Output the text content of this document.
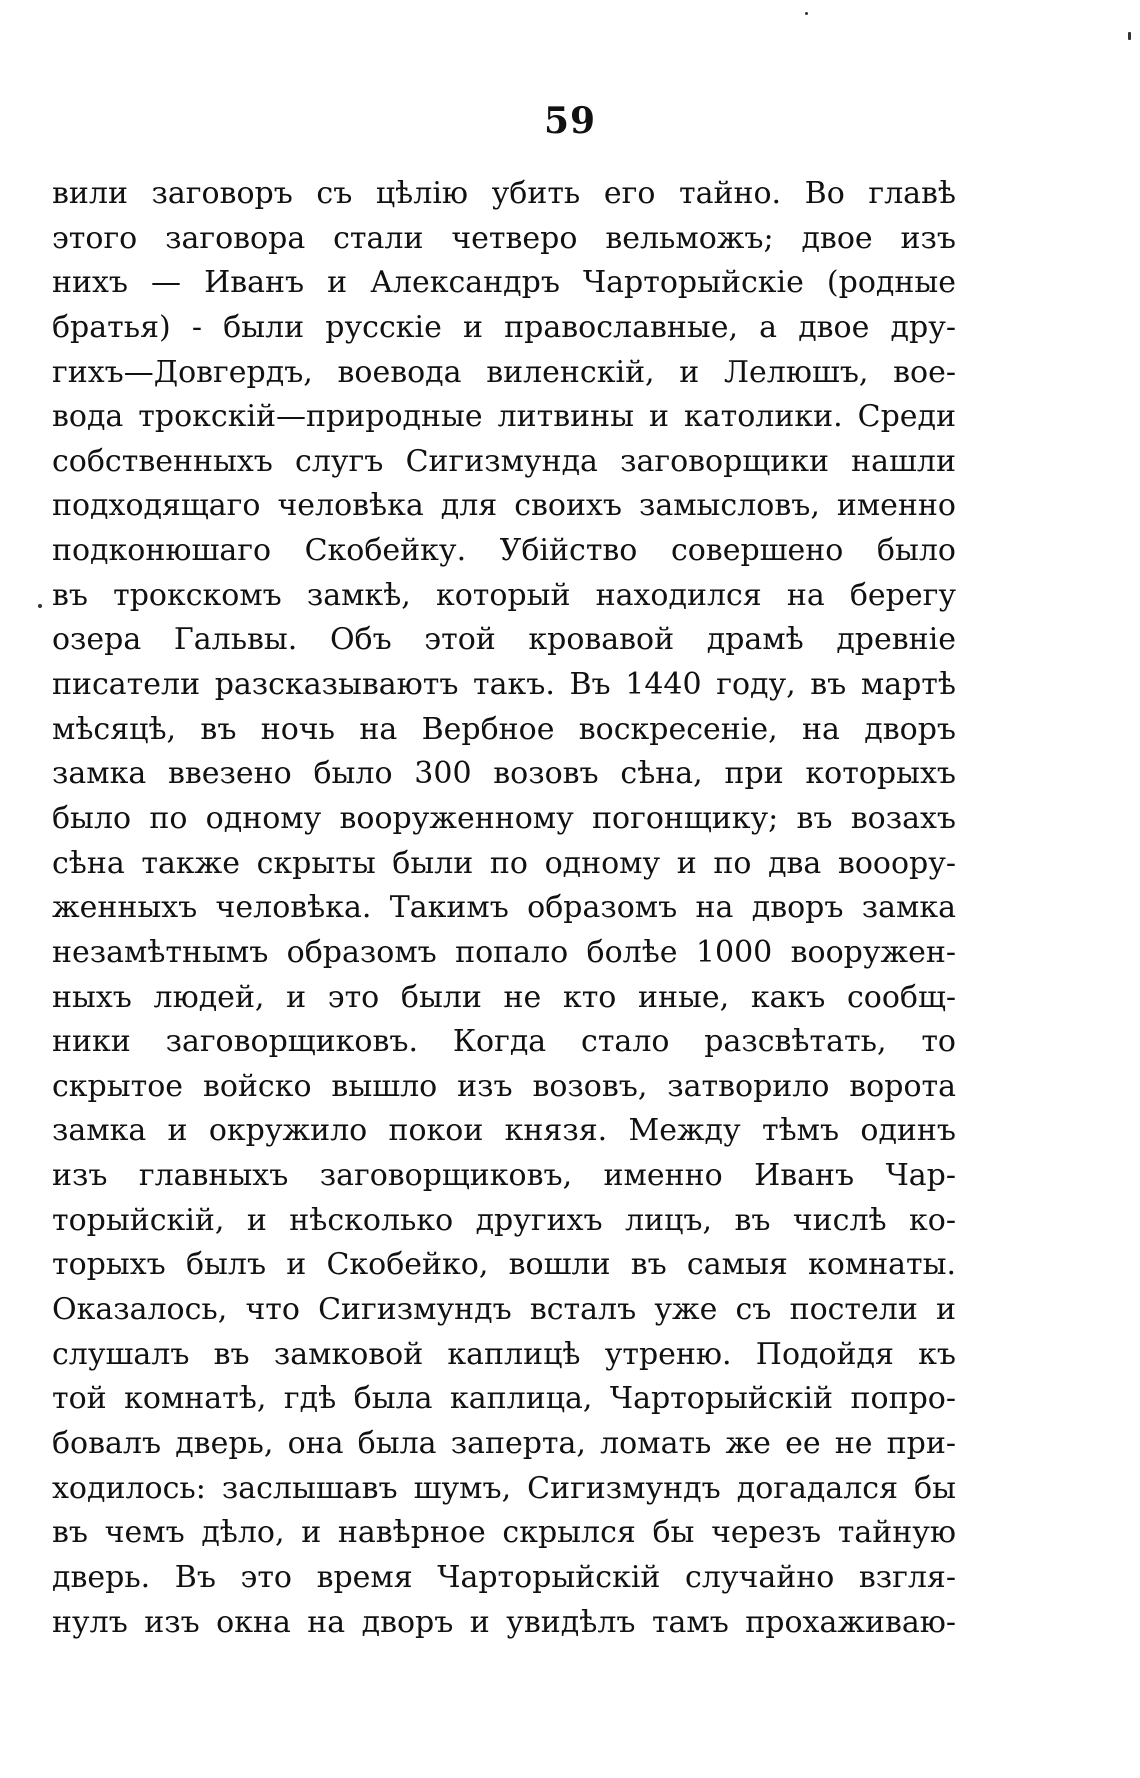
59
вили заговоръ съ цѣлію убить его тайно. Во главѣ
этого заговора стали четверо вельможъ; двое изъ
нихъ — Иванъ и Александръ Чарторыйскіе (родные
братья) - были русскіе и православные, а двое дру-
гихъ—Довгердъ, воевода виленскій, и Лелюшъ, вое-
вода трокскій—природные литвины и католики. Среди
собственныхъ слугъ Сигизмунда заговорщики нашли
подходящаго человѣка для своихъ замысловъ, именно
подконюшаго Скобейку. Убійство совершено было
въ трокскомъ замкѣ, который находился на берегу
озера Гальвы. Объ этой кровавой драмѣ древніе
писатели разсказываютъ такъ. Въ 1440 году, въ мартѣ
мѣсяцѣ, въ ночь на Вербное воскресеніе, на дворъ
замка ввезено было 300 возовъ сѣна, при которыхъ
было по одному вооруженному погонщику; въ возахъ
сѣна также скрыты были по одному и по два вооору-
женныхъ человѣка. Такимъ образомъ на дворъ замка
незамѣтнымъ образомъ попало болѣе 1000 вооружен-
ныхъ людей, и это были не кто иные, какъ сообщ-
ники заговорщиковъ. Когда стало разсвѣтать, то
скрытое войско вышло изъ возовъ, затворило ворота
замка и окружило покои князя. Между тѣмъ одинъ
изъ главныхъ заговорщиковъ, именно Иванъ Чар-
торыйскій, и нѣсколько другихъ лицъ, въ числѣ ко-
торыхъ былъ и Скобейко, вошли въ самыя комнаты.
Оказалось, что Сигизмундъ всталъ уже съ постели и
слушалъ въ замковой каплицѣ утреню. Подойдя къ
той комнатѣ, гдѣ была каплица, Чарторыйскій попро-
бовалъ дверь, она была заперта, ломать же ее не при-
ходилось: заслышавъ шумъ, Сигизмундъ догадался бы
въ чемъ дѣло, и навѣрное скрылся бы черезъ тайную
дверь. Въ это время Чарторыйскій случайно взгля-
нулъ изъ окна на дворъ и увидѣлъ тамъ прохаживаю-
